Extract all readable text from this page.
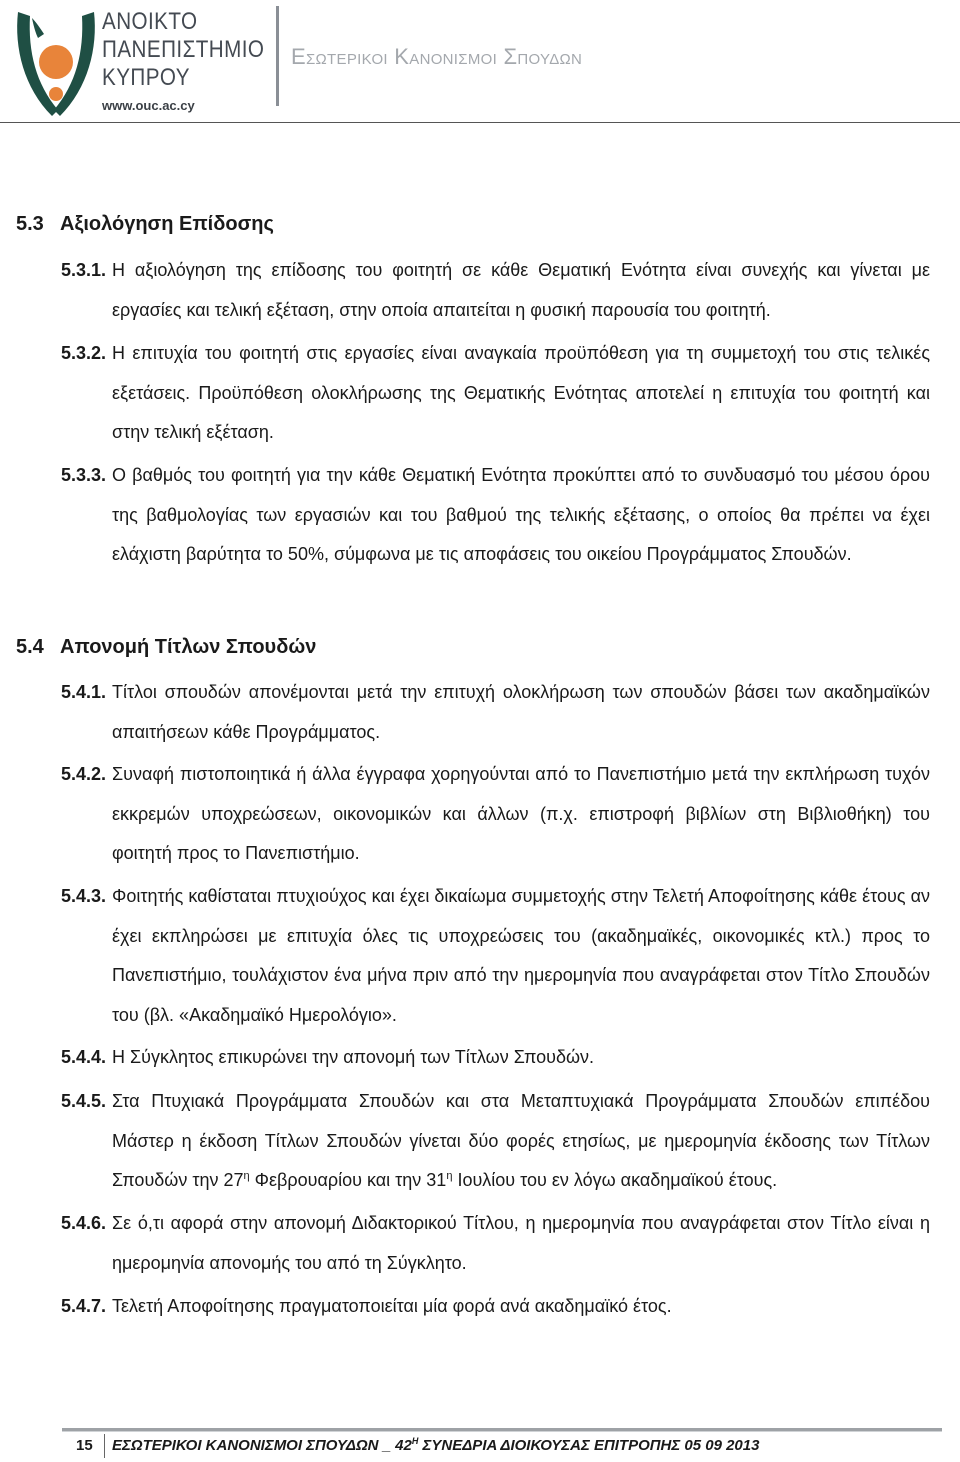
ΑΝΟΙΚΤΟ
ΠΑΝΕΠΙΣΤΗΜΙΟ
ΚΥΠΡΟΥ
www.ouc.ac.cy
Εσωτερικοι Κανονισμοι Σπουδων
5.3 Αξιολόγηση Επίδοσης
5.3.1. Η αξιολόγηση της επίδοσης του φοιτητή σε κάθε Θεματική Ενότητα είναι συνεχής και γίνεται με εργασίες και τελική εξέταση, στην οποία απαιτείται η φυσική παρουσία του φοιτητή.
5.3.2. Η επιτυχία του φοιτητή στις εργασίες είναι αναγκαία προϋπόθεση για τη συμμετοχή του στις τελικές εξετάσεις. Προϋπόθεση ολοκλήρωσης της Θεματικής Ενότητας αποτελεί η επιτυχία του φοιτητή και στην τελική εξέταση.
5.3.3. Ο βαθμός του φοιτητή για την κάθε Θεματική Ενότητα προκύπτει από το συνδυασμό του μέσου όρου της βαθμολογίας των εργασιών και του βαθμού της τελικής εξέτασης, ο οποίος θα πρέπει να έχει ελάχιστη βαρύτητα το 50%, σύμφωνα με τις αποφάσεις του οικείου Προγράμματος Σπουδών.
5.4 Απονομή Τίτλων Σπουδών
5.4.1. Τίτλοι σπουδών απονέμονται μετά την επιτυχή ολοκλήρωση των σπουδών βάσει των ακαδημαϊκών απαιτήσεων κάθε Προγράμματος.
5.4.2. Συναφή πιστοποιητικά ή άλλα έγγραφα χορηγούνται από το Πανεπιστήμιο μετά την εκπλήρωση τυχόν εκκρεμών υποχρεώσεων, οικονομικών και άλλων (π.χ. επιστροφή βιβλίων στη Βιβλιοθήκη) του φοιτητή προς το Πανεπιστήμιο.
5.4.3. Φοιτητής καθίσταται πτυχιούχος και έχει δικαίωμα συμμετοχής στην Τελετή Αποφοίτησης κάθε έτους αν έχει εκπληρώσει με επιτυχία όλες τις υποχρεώσεις του (ακαδημαϊκές, οικονομικές κτλ.) προς το Πανεπιστήμιο, τουλάχιστον ένα μήνα πριν από την ημερομηνία που αναγράφεται στον Τίτλο Σπουδών του (βλ. «Ακαδημαϊκό Ημερολόγιο».
5.4.4. Η Σύγκλητος επικυρώνει την απονομή των Τίτλων Σπουδών.
5.4.5. Στα Πτυχιακά Προγράμματα Σπουδών και στα Μεταπτυχιακά Προγράμματα Σπουδών επιπέδου Μάστερ η έκδοση Τίτλων Σπουδών γίνεται δύο φορές ετησίως, με ημερομηνία έκδοσης των Τίτλων Σπουδών την $27^\eta$ Φεβρουαρίου και την $31^\eta$ Ιουλίου του εν λόγω ακαδημαϊκού έτους.
5.4.6. Σε ό,τι αφορά στην απονομή Διδακτορικού Τίτλου, η ημερομηνία που αναγράφεται στον Τίτλο είναι η ημερομηνία απονομής του από τη Σύγκλητο.
5.4.7. Τελετή Αποφοίτησης πραγματοποιείται μία φορά ανά ακαδημαϊκό έτος.
15 ΕΣΩΤΕΡΙΚΟΙ ΚΑΝΟΝΙΣΜΟΙ ΣΠΟΥΔΩΝ _ $42^H$ ΣΥΝΕΔΡΙΑ ΔΙΟΙΚΟΥΣΑΣ ΕΠΙΤΡΟΠΗΣ 05 09 2013
